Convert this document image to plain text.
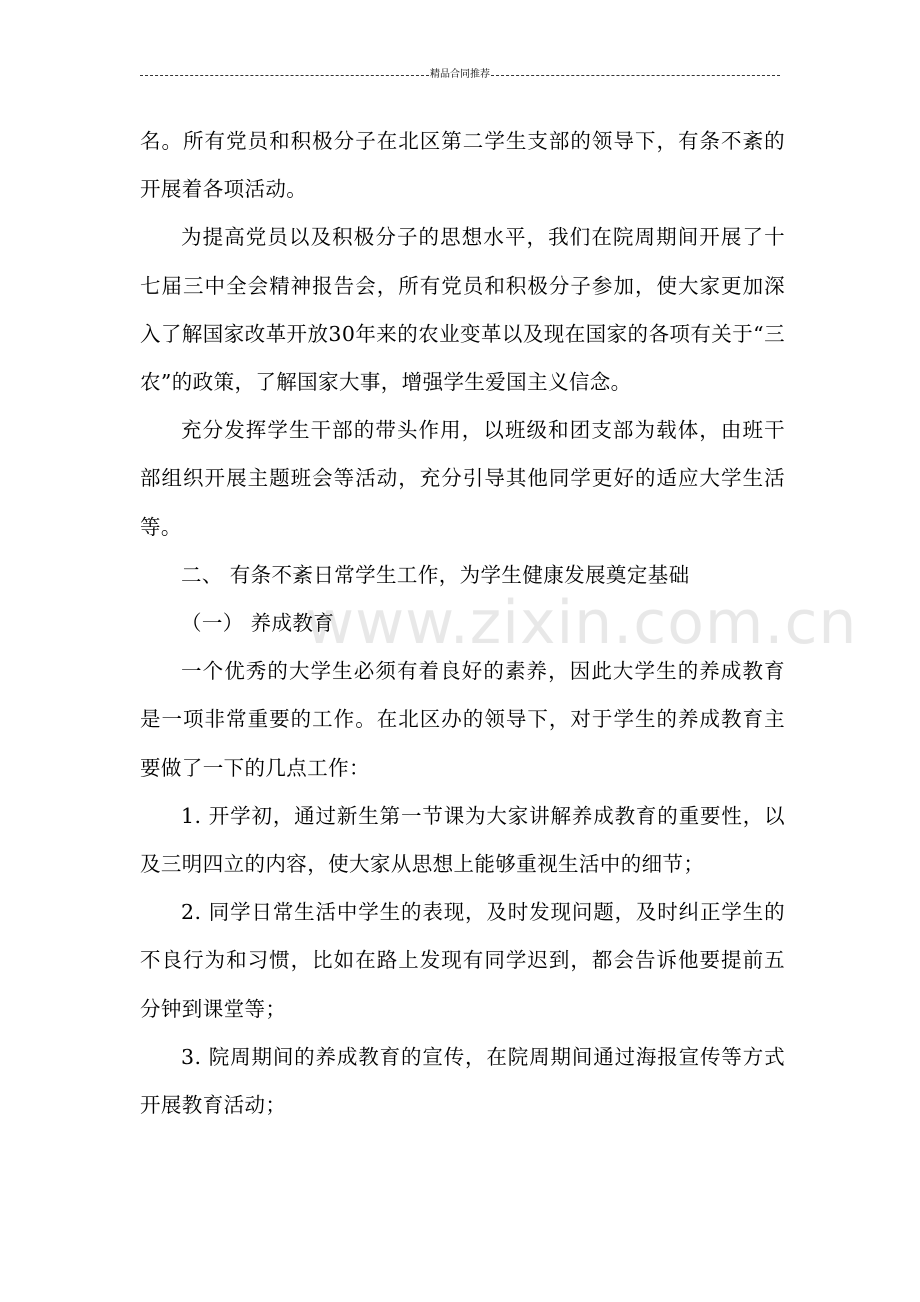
精品合同推荐
www.zixin.com.cn

名。所有党员和积极分子在北区第二学生支部的领导下，有条不紊的开展着各项活动。

为提高党员以及积极分子的思想水平，我们在院周期间开展了十七届三中全会精神报告会，所有党员和积极分子参加，使大家更加深入了解国家改革开放30年来的农业变革以及现在国家的各项有关于“三农”的政策，了解国家大事，增强学生爱国主义信念。

充分发挥学生干部的带头作用，以班级和团支部为载体，由班干部组织开展主题班会等活动，充分引导其他同学更好的适应大学生活等。

二、 有条不紊日常学生工作，为学生健康发展奠定基础

（一） 养成教育

一个优秀的大学生必须有着良好的素养，因此大学生的养成教育是一项非常重要的工作。在北区办的领导下，对于学生的养成教育主要做了一下的几点工作：

1. 开学初，通过新生第一节课为大家讲解养成教育的重要性，以及三明四立的内容，使大家从思想上能够重视生活中的细节；

2. 同学日常生活中学生的表现，及时发现问题，及时纠正学生的不良行为和习惯，比如在路上发现有同学迟到，都会告诉他要提前五分钟到课堂等；

3. 院周期间的养成教育的宣传，在院周期间通过海报宣传等方式开展教育活动；
